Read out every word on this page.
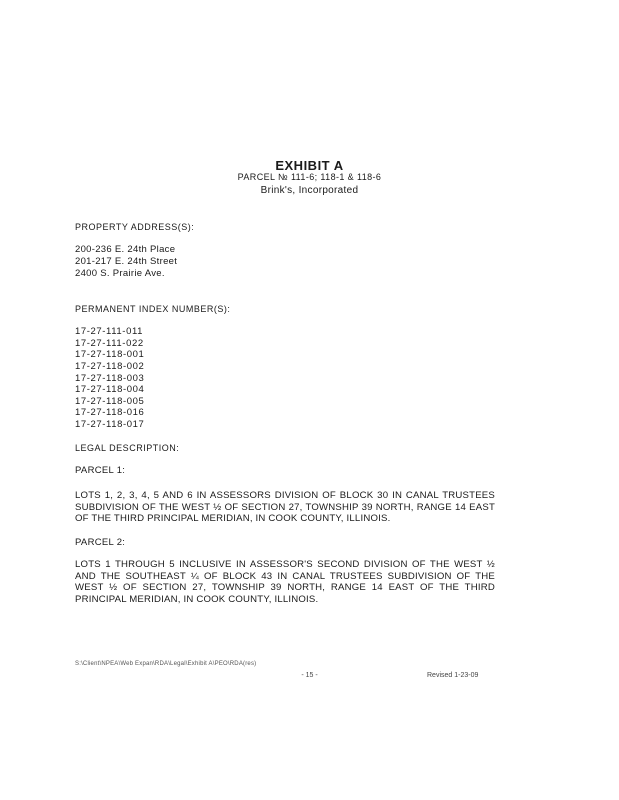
EXHIBIT A
PARCEL № 111-6; 118-1 & 118-6
Brink's, Incorporated
PROPERTY ADDRESS(S):
200-236 E. 24th Place
201-217 E. 24th Street
2400 S. Prairie Ave.
PERMANENT INDEX NUMBER(S):
17-27-111-011
17-27-111-022
17-27-118-001
17-27-118-002
17-27-118-003
17-27-118-004
17-27-118-005
17-27-118-016
17-27-118-017
LEGAL DESCRIPTION:
PARCEL 1:
LOTS 1, 2, 3, 4, 5 AND 6 IN ASSESSORS DIVISION OF BLOCK 30 IN CANAL TRUSTEES SUBDIVISION OF THE WEST ½ OF SECTION 27, TOWNSHIP 39 NORTH, RANGE 14 EAST OF THE THIRD PRINCIPAL MERIDIAN, IN COOK COUNTY, ILLINOIS.
PARCEL 2:
LOTS 1 THROUGH 5 INCLUSIVE IN ASSESSOR'S SECOND DIVISION OF THE WEST ½ AND THE SOUTHEAST ¼ OF BLOCK 43 IN CANAL TRUSTEES SUBDIVISION OF THE WEST ½ OF SECTION 27, TOWNSHIP 39 NORTH, RANGE 14 EAST OF THE THIRD PRINCIPAL MERIDIAN, IN COOK COUNTY, ILLINOIS.
S:\Client\NPEA\Web Expan\RDA\Legal\Exhibit A\PEO\RDA(res)
- 15 -	Revised 1-23-09
